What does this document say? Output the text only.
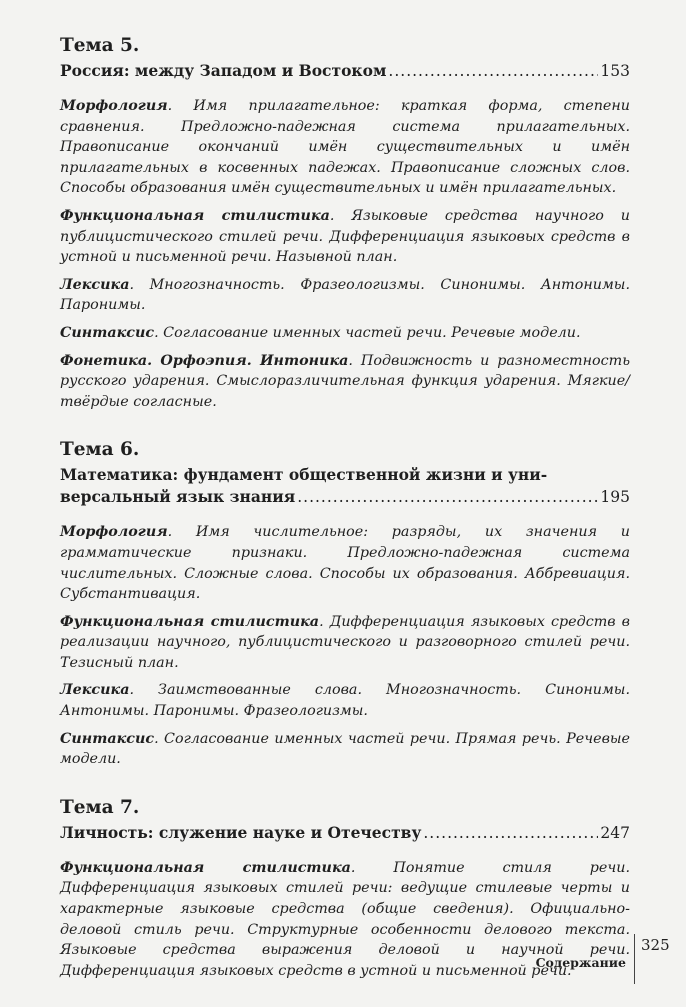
Тема 5.
Россия: между Западом и Востоком .....	153

Морфология. Имя прилагательное: краткая форма, степени сравнения. Предложно-падежная система прилагательных. Правописание окончаний имён существительных и имён прилагательных в косвенных падежах. Правописание сложных слов. Способы образования имён существительных и имён прилагательных.

Функциональная стилистика. Языковые средства научного и публицистического стилей речи. Дифференциация языковых средств в устной и письменной речи. Назывной план.

Лексика. Многозначность. Фразеологизмы. Синонимы. Антонимы. Паронимы.

Синтаксис. Согласование именных частей речи. Речевые модели.

Фонетика. Орфоэпия. Интоника. Подвижность и разноместность русского ударения. Смыслоразличительная функция ударения. Мягкие/твёрдые согласные.

Тема 6.
Математика: фундамент общественной жизни и уни-
версальный язык знания .....	195

Морфология. Имя числительное: разряды, их значения и грамматические признаки. Предложно-падежная система числительных. Сложные слова. Способы их образования. Аббревиация. Субстантивация.

Функциональная стилистика. Дифференциация языковых средств в реализации научного, публицистического и разговорного стилей речи. Тезисный план.

Лексика. Заимствованные слова. Многозначность. Синонимы. Антонимы. Паронимы. Фразеологизмы.

Синтаксис. Согласование именных частей речи. Прямая речь. Речевые модели.

Тема 7.
Личность: служение науке и Отечеству .....	247

Функциональная стилистика. Понятие стиля речи. Дифференциация языковых стилей речи: ведущие стилевые черты и характерные языковые средства (общие сведения). Официально-деловой стиль речи. Структурные особенности делового текста. Языковые средства выражения деловой и научной речи. Дифференциация языковых средств в устной и письменной речи.

Содержание
325
